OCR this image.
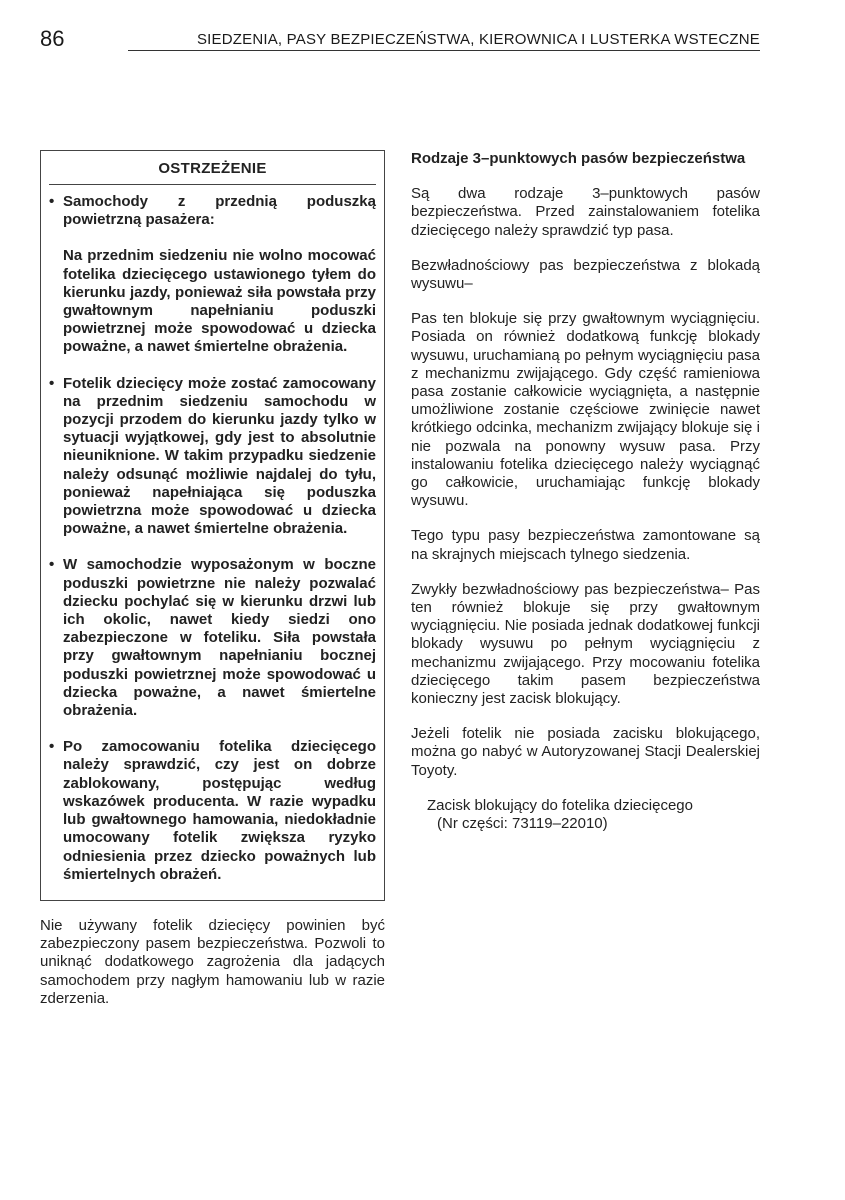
86	SIEDZENIA, PASY BEZPIECZEŃSTWA, KIEROWNICA I LUSTERKA WSTECZNE
OSTRZEŻENIE
• Samochody z przednią poduszką powietrzną pasażera:

Na przednim siedzeniu nie wolno mocować fotelika dziecięcego ustawionego tyłem do kierunku jazdy, ponieważ siła powstała przy gwałtownym napełnianiu poduszki powietrznej może spowodować u dziecka poważne, a nawet śmiertelne obrażenia.

• Fotelik dziecięcy może zostać zamocowany na przednim siedzeniu samochodu w pozycji przodem do kierunku jazdy tylko w sytuacji wyjątkowej, gdy jest to absolutnie nieuniknione. W takim przypadku siedzenie należy odsunąć możliwie najdalej do tyłu, ponieważ napełniająca się poduszka powietrzna może spowodować u dziecka poważne, a nawet śmiertelne obrażenia.

• W samochodzie wyposażonym w boczne poduszki powietrzne nie należy pozwalać dziecku pochylać się w kierunku drzwi lub ich okolic, nawet kiedy siedzi ono zabezpieczone w foteliku. Siła powstała przy gwałtownym napełnianiu bocznej poduszki powietrznej może spowodować u dziecka poważne, a nawet śmiertelne obrażenia.

• Po zamocowaniu fotelika dziecięcego należy sprawdzić, czy jest on dobrze zablokowany, postępując według wskazówek producenta. W razie wypadku lub gwałtownego hamowania, niedokładnie umocowany fotelik zwiększa ryzyko odniesienia przez dziecko poważnych lub śmiertelnych obrażeń.

Nie używany fotelik dziecięcy powinien być zabezpieczony pasem bezpieczeństwa. Pozwoli to uniknąć dodatkowego zagrożenia dla jadących samochodem przy nagłym hamowaniu lub w razie zderzenia.

Rodzaje 3–punktowych pasów bezpieczeństwa

Są dwa rodzaje 3–punktowych pasów bezpieczeństwa. Przed zainstalowaniem fotelika dziecięcego należy sprawdzić typ pasa.

Bezwładnościowy pas bezpieczeństwa z blokadą wysuwu–

Pas ten blokuje się przy gwałtownym wyciągnięciu. Posiada on również dodatkową funkcję blokady wysuwu, uruchamianą po pełnym wyciągnięciu pasa z mechanizmu zwijającego. Gdy część ramieniowa pasa zostanie całkowicie wyciągnięta, a następnie umożliwione zostanie częściowe zwinięcie nawet krótkiego odcinka, mechanizm zwijający blokuje się i nie pozwala na ponowny wysuw pasa. Przy instalowaniu fotelika dziecięcego należy wyciągnąć go całkowicie, uruchamiając funkcję blokady wysuwu.

Tego typu pasy bezpieczeństwa zamontowane są na skrajnych miejscach tylnego siedzenia.

Zwykły bezwładnościowy pas bezpieczeństwa– Pas ten również blokuje się przy gwałtownym wyciągnięciu. Nie posiada jednak dodatkowej funkcji blokady wysuwu po pełnym wyciągnięciu z mechanizmu zwijającego. Przy mocowaniu fotelika dziecięcego takim pasem bezpieczeństwa konieczny jest zacisk blokujący.

Jeżeli fotelik nie posiada zacisku blokującego, można go nabyć w Autoryzowanej Stacji Dealerskiej Toyoty.

Zacisk blokujący do fotelika dziecięcego
(Nr części: 73119–22010)
